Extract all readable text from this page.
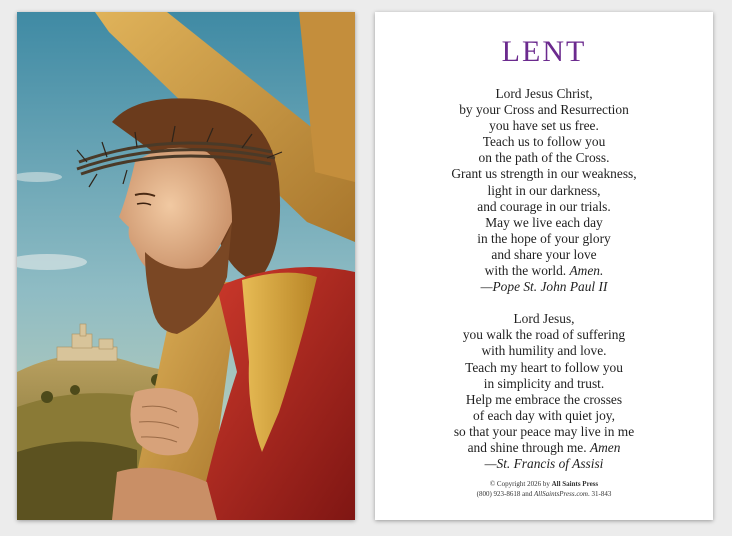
LENT
Lord Jesus Christ,
by your Cross and Resurrection
you have set us free.
Teach us to follow you
on the path of the Cross.
Grant us strength in our weakness,
light in our darkness,
and courage in our trials.
May we live each day
in the hope of your glory
and share your love
with the world. Amen.
—Pope St. John Paul II
Lord Jesus,
you walk the road of suffering
with humility and love.
Teach my heart to follow you
in simplicity and trust.
Help me embrace the crosses
of each day with quiet joy,
so that your peace may live in me
and shine through me. Amen
—St. Francis of Assisi
© Copyright 2026 by All Saints Press
(800) 923-8618 and AllSaintsPress.com. 31-843
